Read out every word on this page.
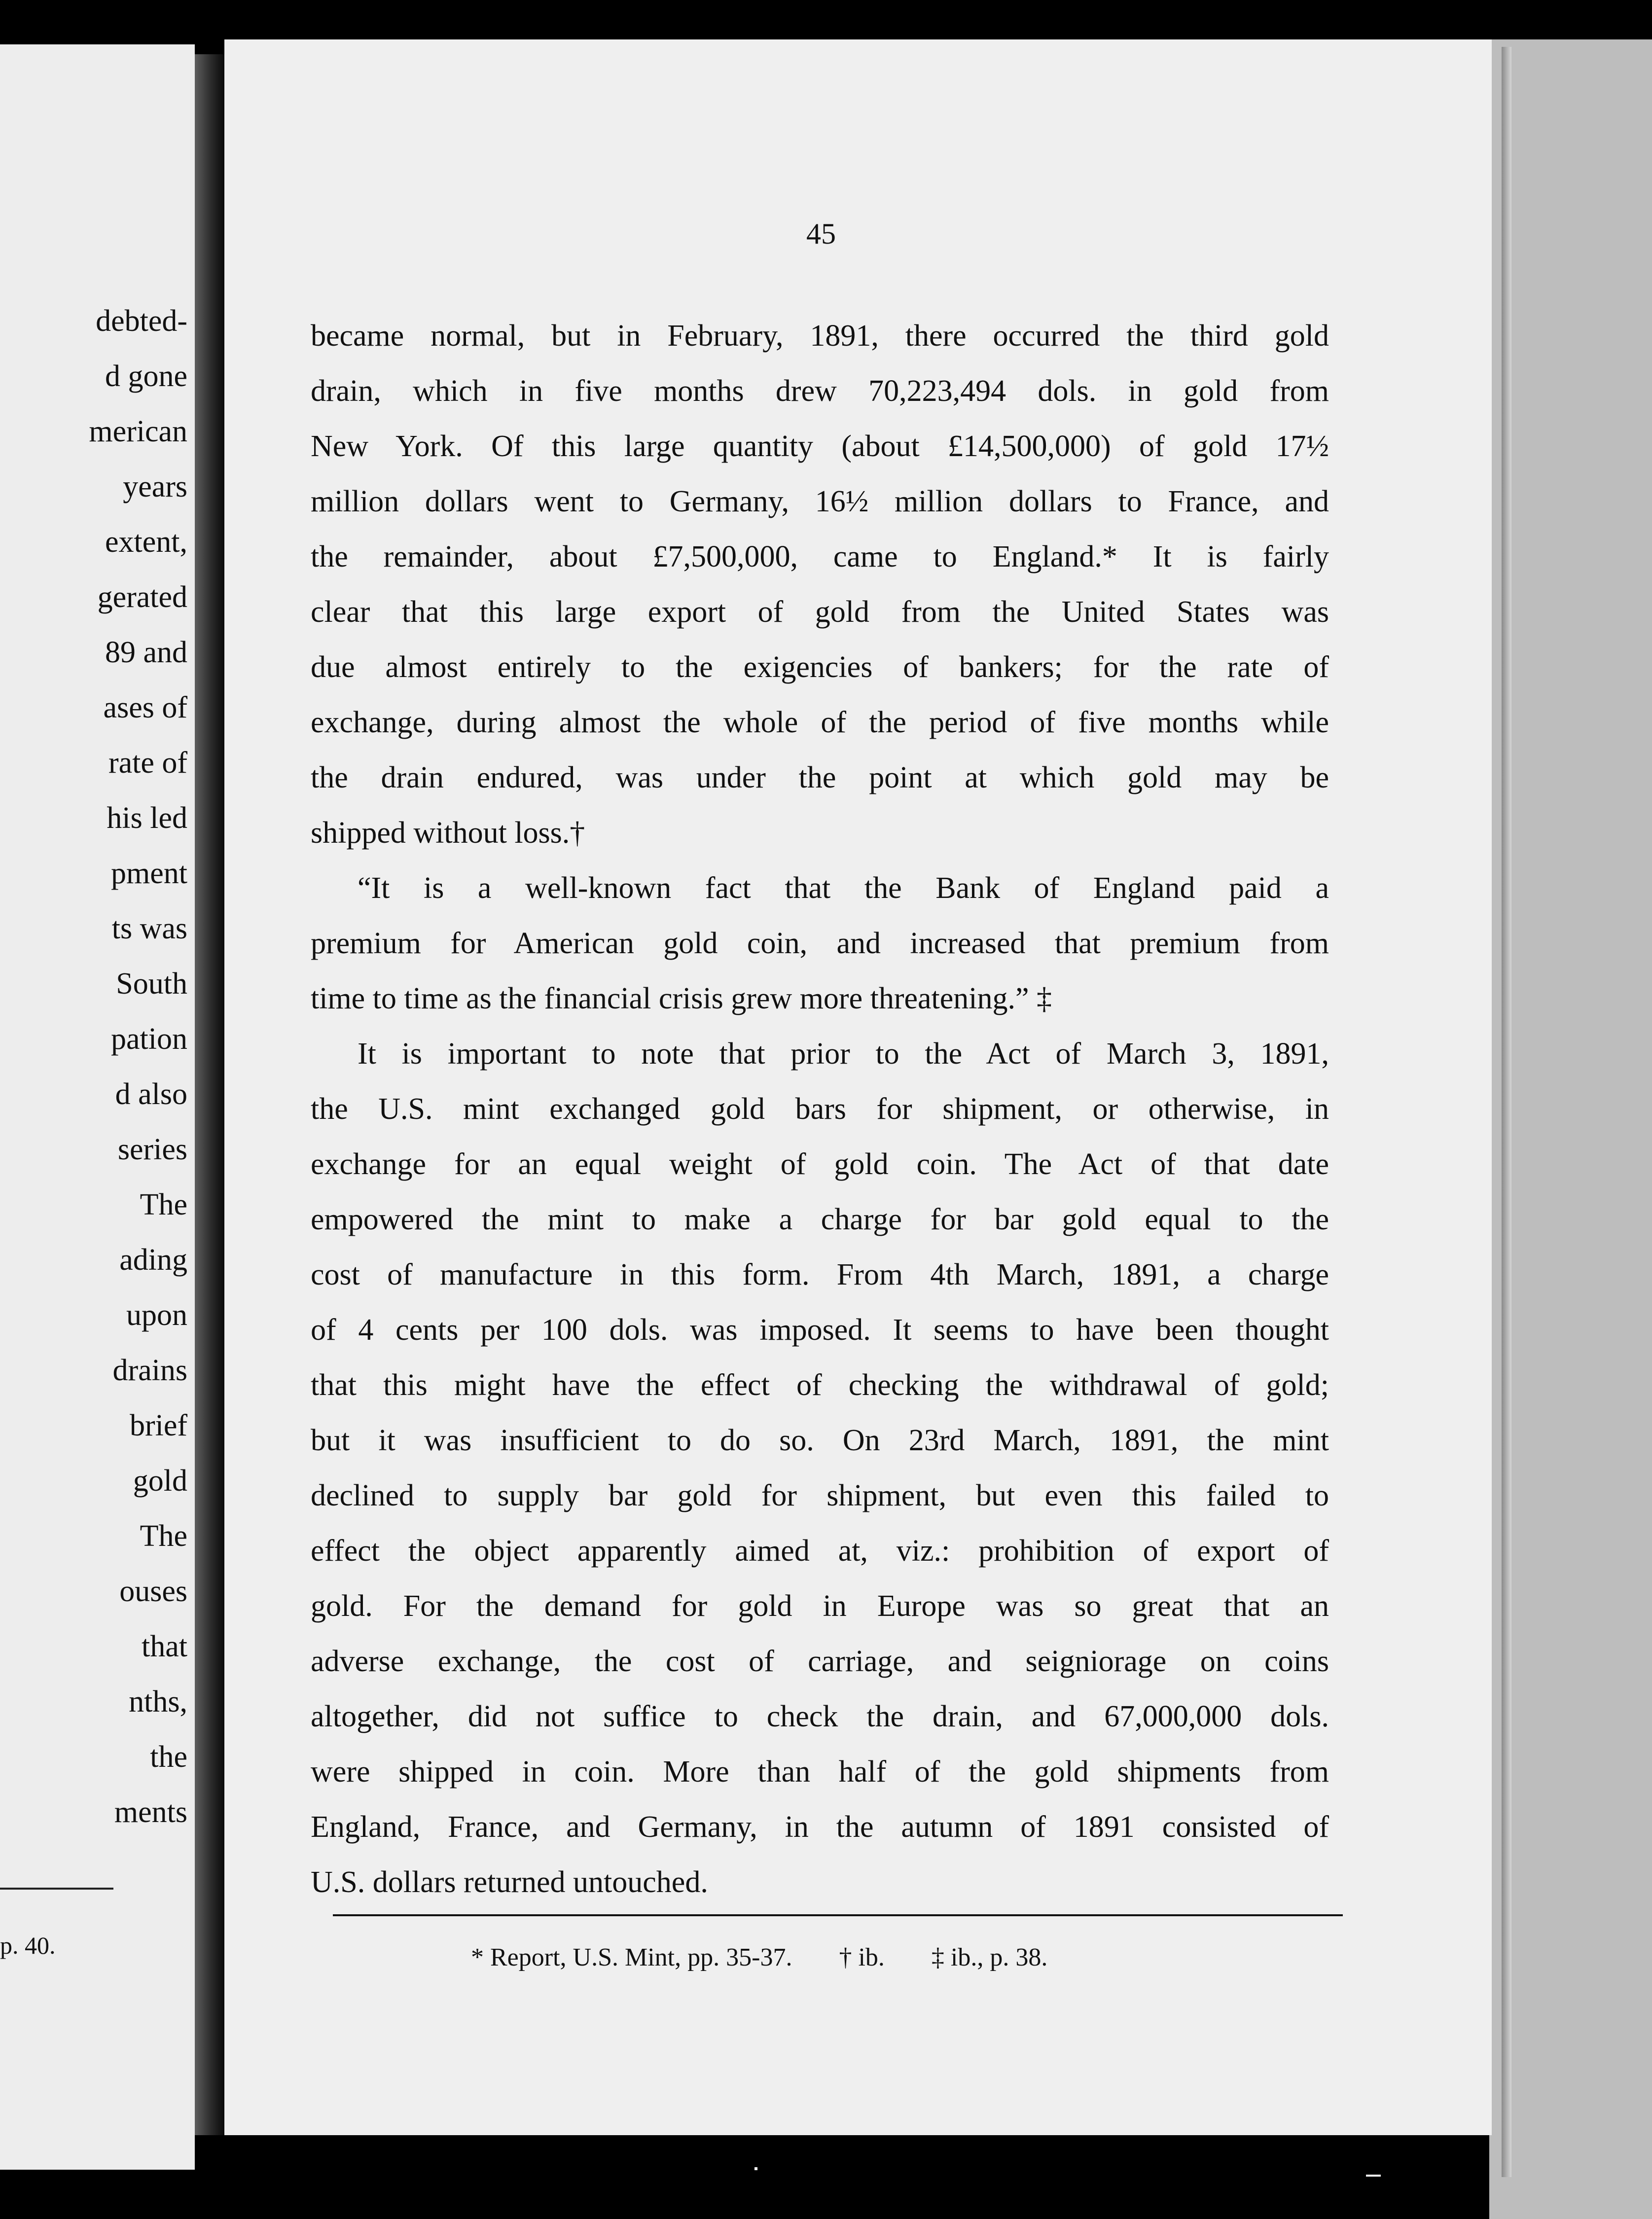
debted-
d gone
merican
years
extent,
gerated
89 and
ases of
rate of
his led
pment
ts was
South
pation
d also
series
The
ading
upon
drains
brief
gold
The
ouses
that
nths,
the
ments
p. 40.
45
became normal, but in February, 1891, there occurred the third gold
drain, which in five months drew 70,223,494 dols. in gold from
New York. Of this large quantity (about £14,500,000) of gold 17½
million dollars went to Germany, 16½ million dollars to France, and
the remainder, about £7,500,000, came to England.* It is fairly
clear that this large export of gold from the United States was
due almost entirely to the exigencies of bankers; for the rate of
exchange, during almost the whole of the period of five months while
the drain endured, was under the point at which gold may be
shipped without loss.†
“It is a well-known fact that the Bank of England paid a
premium for American gold coin, and increased that premium from
time to time as the financial crisis grew more threatening.” ‡
It is important to note that prior to the Act of March 3, 1891,
the U.S. mint exchanged gold bars for shipment, or otherwise, in
exchange for an equal weight of gold coin. The Act of that date
empowered the mint to make a charge for bar gold equal to the
cost of manufacture in this form. From 4th March, 1891, a charge
of 4 cents per 100 dols. was imposed. It seems to have been thought
that this might have the effect of checking the withdrawal of gold;
but it was insufficient to do so. On 23rd March, 1891, the mint
declined to supply bar gold for shipment, but even this failed to
effect the object apparently aimed at, viz.: prohibition of export of
gold. For the demand for gold in Europe was so great that an
adverse exchange, the cost of carriage, and seigniorage on coins
altogether, did not suffice to check the drain, and 67,000,000 dols.
were shipped in coin. More than half of the gold shipments from
England, France, and Germany, in the autumn of 1891 consisted of
U.S. dollars returned untouched.
* Report, U.S. Mint, pp. 35-37. † ib. ‡ ib., p. 38.
